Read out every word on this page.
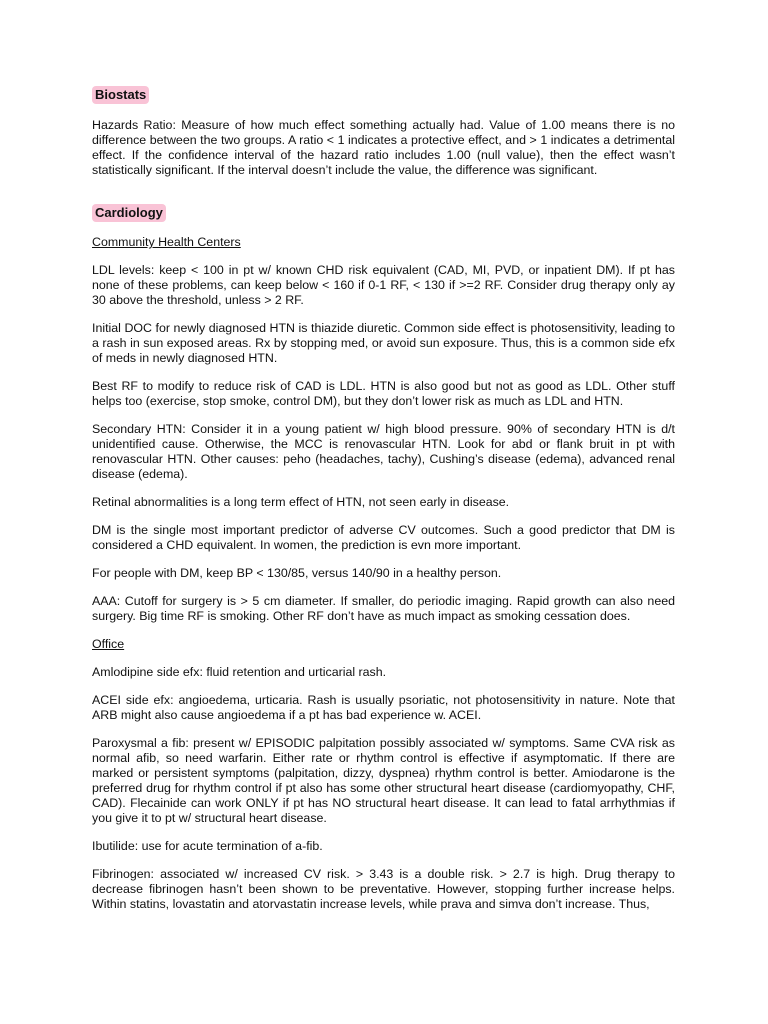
Biostats

Hazards Ratio: Measure of how much effect something actually had. Value of 1.00 means there is no difference between the two groups. A ratio < 1 indicates a protective effect, and > 1 indicates a detrimental effect. If the confidence interval of the hazard ratio includes 1.00 (null value), then the effect wasn’t statistically significant. If the interval doesn’t include the value, the difference was significant.

Cardiology

Community Health Centers

LDL levels: keep < 100 in pt w/ known CHD risk equivalent (CAD, MI, PVD, or inpatient DM). If pt has none of these problems, can keep below < 160 if 0-1 RF, < 130 if >=2 RF. Consider drug therapy only ay 30 above the threshold, unless > 2 RF.

Initial DOC for newly diagnosed HTN is thiazide diuretic. Common side effect is photosensitivity, leading to a rash in sun exposed areas. Rx by stopping med, or avoid sun exposure. Thus, this is a common side efx of meds in newly diagnosed HTN.

Best RF to modify to reduce risk of CAD is LDL. HTN is also good but not as good as LDL. Other stuff helps too (exercise, stop smoke, control DM), but they don’t lower risk as much as LDL and HTN.

Secondary HTN: Consider it in a young patient w/ high blood pressure. 90% of secondary HTN is d/t unidentified cause. Otherwise, the MCC is renovascular HTN. Look for abd or flank bruit in pt with renovascular HTN. Other causes: peho (headaches, tachy), Cushing’s disease (edema), advanced renal disease (edema).

Retinal abnormalities is a long term effect of HTN, not seen early in disease.

DM is the single most important predictor of adverse CV outcomes. Such a good predictor that DM is considered a CHD equivalent. In women, the prediction is evn more important.

For people with DM, keep BP < 130/85, versus 140/90 in a healthy person.

AAA: Cutoff for surgery is > 5 cm diameter. If smaller, do periodic imaging. Rapid growth can also need surgery. Big time RF is smoking. Other RF don’t have as much impact as smoking cessation does.

Office

Amlodipine side efx: fluid retention and urticarial rash.

ACEI side efx: angioedema, urticaria. Rash is usually psoriatic, not photosensitivity in nature. Note that ARB might also cause angioedema if a pt has bad experience w. ACEI.

Paroxysmal a fib: present w/ EPISODIC palpitation possibly associated w/ symptoms. Same CVA risk as normal afib, so need warfarin. Either rate or rhythm control is effective if asymptomatic. If there are marked or persistent symptoms (palpitation, dizzy, dyspnea) rhythm control is better. Amiodarone is the preferred drug for rhythm control if pt also has some other structural heart disease (cardiomyopathy, CHF, CAD). Flecainide can work ONLY if pt has NO structural heart disease. It can lead to fatal arrhythmias if you give it to pt w/ structural heart disease.

Ibutilide: use for acute termination of a-fib.

Fibrinogen: associated w/ increased CV risk. > 3.43 is a double risk. > 2.7 is high. Drug therapy to decrease fibrinogen hasn’t been shown to be preventative. However, stopping further increase helps. Within statins, lovastatin and atorvastatin increase levels, while prava and simva don’t increase. Thus,
